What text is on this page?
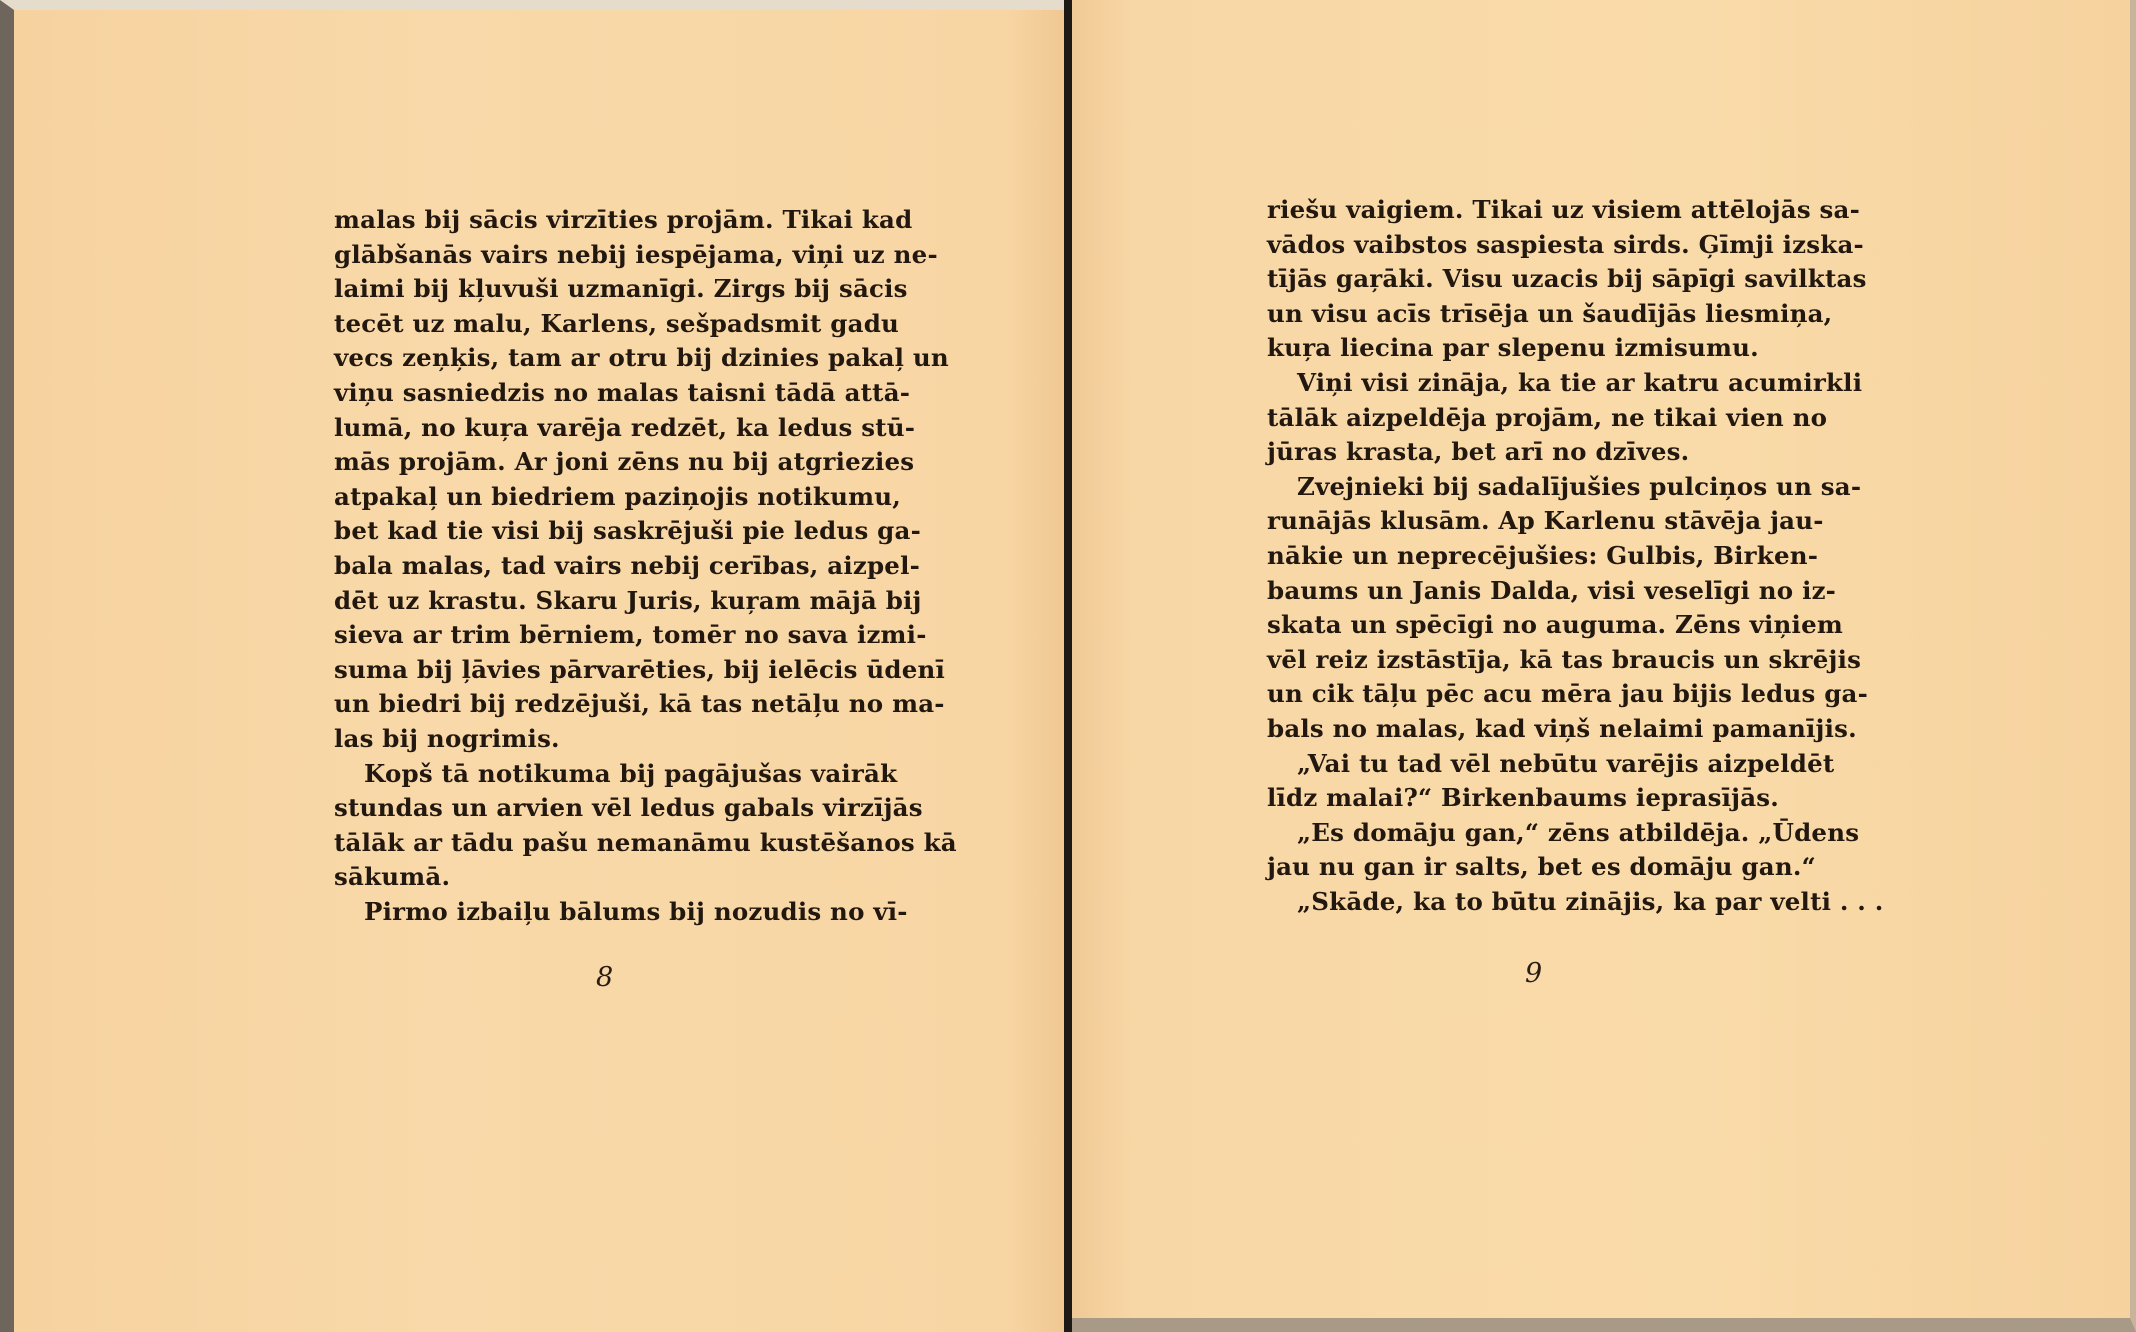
malas bij sācis virzīties projām. Tikai kad
glābšanās vairs nebij iespējama, viņi uz ne-
laimi bij kļuvuši uzmanīgi. Zirgs bij sācis
tecēt uz malu, Karlens, sešpadsmit gadu
vecs zeņķis, tam ar otru bij dzinies pakaļ un
viņu sasniedzis no malas taisni tādā attā-
lumā, no kuŗa varēja redzēt, ka ledus stū-
mās projām. Ar joni zēns nu bij atgriezies
atpakaļ un biedriem paziņojis notikumu,
bet kad tie visi bij saskrējuši pie ledus ga-
bala malas, tad vairs nebij cerības, aizpel-
dēt uz krastu. Skaru Juris, kuŗam mājā bij
sieva ar trim bērniem, tomēr no sava izmi-
suma bij ļāvies pārvarēties, bij ielēcis ūdenī
un biedri bij redzējuši, kā tas netāļu no ma-
las bij nogrimis.
Kopš tā notikuma bij pagājušas vairāk
stundas un arvien vēl ledus gabals virzījās
tālāk ar tādu pašu nemanāmu kustēšanos kā
sākumā.
Pirmo izbaiļu bālums bij nozudis no vī-
8
riešu vaigiem. Tikai uz visiem attēlojās sa-
vādos vaibstos saspiesta sirds. Ģīmji izska-
tījās gaŗāki. Visu uzacis bij sāpīgi savilktas
un visu acīs trīsēja un šaudījās liesmiņa,
kuŗa liecina par slepenu izmisumu.
Viņi visi zināja, ka tie ar katru acumirkli
tālāk aizpeldēja projām, ne tikai vien no
jūras krasta, bet arī no dzīves.
Zvejnieki bij sadalījušies pulciņos un sa-
runājās klusām. Ap Karlenu stāvēja jau-
nākie un neprecējušies: Gulbis, Birken-
baums un Janis Dalda, visi veselīgi no iz-
skata un spēcīgi no auguma. Zēns viņiem
vēl reiz izstāstīja, kā tas braucis un skrējis
un cik tāļu pēc acu mēra jau bijis ledus ga-
bals no malas, kad viņš nelaimi pamanījis.
„Vai tu tad vēl nebūtu varējis aizpeldēt
līdz malai?“ Birkenbaums ieprasījās.
„Es domāju gan,“ zēns atbildēja. „Ūdens
jau nu gan ir salts, bet es domāju gan.“
„Skāde, ka to būtu zinājis, ka par velti . . .
9
